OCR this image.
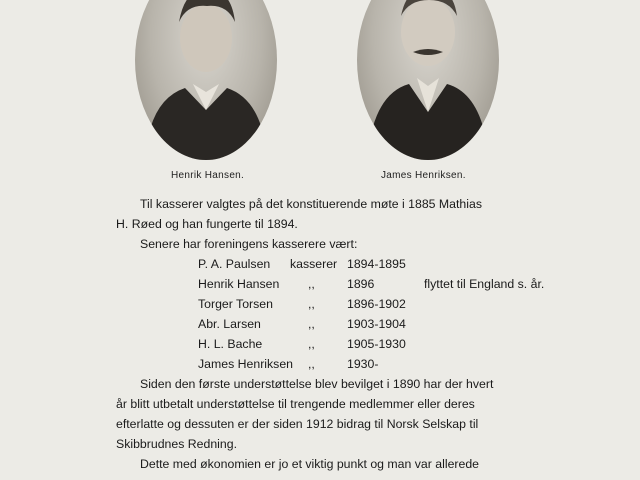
Henrik Hansen.	James Henriksen.
Til kasserer valgtes på det konstituerende møte i 1885 Mathias
H. Røed og han fungerte til 1894.
Senere har foreningens kasserere vært:
P. A. Paulsen kasserer 1894-1895
Henrik Hansen ,,	1896	flyttet til England s. år.
Torger Torsen	,,	1896-1902
Abr. Larsen	,,	1903-1904
H. L. Bache	,,	1905-1930
James Henriksen ,,	1930-
Siden den første understøttelse blev bevilget i 1890 har der hvert
år blitt utbetalt understøttelse til trengende medlemmer eller deres
efterlatte og dessuten er der siden 1912 bidrag til Norsk Selskap til
Skibbrudnes Redning.
Dette med økonomien er jo et viktig punkt og man var allerede
